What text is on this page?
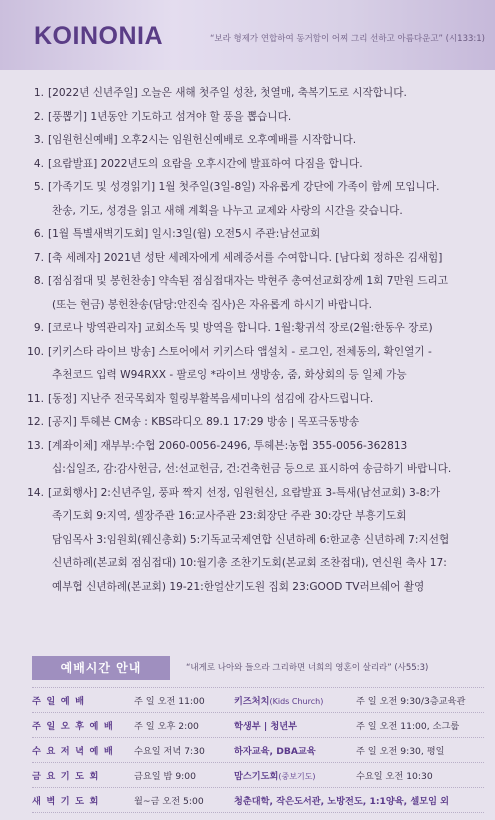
KOINONIA	“보라 형제가 연합하여 동거함이 어찌 그리 선하고 아름다운고” (시133:1)
1. [2022년 신년주일] 오늘은 새해 첫주일 성찬, 첫열매, 축복기도로 시작합니다.
2. [풍뽑기] 1년동안 기도하고 섬겨야 할 풍을 뽑습니다.
3. [임원헌신예배] 오후2시는 임원헌신예배로 오후예배를 시작합니다.
4. [요람발표] 2022년도의 요람을 오후시간에 발표하여 다짐을 합니다.
5. [가족기도 및 성경읽기] 1월 첫주일(3일-8일) 자유롭게 강단에 가족이 함께 모입니다.
찬송, 기도, 성경을 읽고 새해 계획을 나누고 교제와 사랑의 시간을 갖습니다.
6. [1월 특별새벽기도회] 일시:3일(월) 오전5시 주관:남선교회
7. [축 세례자] 2021년 성탄 세례자에게 세례증서를 수여합니다. [남다회 정하은 김새힘]
8. [점심접대 및 봉헌찬송] 약속된 점심접대자는 박현주 총여선교회장께 1회 7만원 드리고
(또는 현금) 봉헌찬송(담당:안진숙 집사)은 자유롭게 하시기 바랍니다.
9. [코로나 방역관리자] 교회소독 및 방역을 합니다. 1월:황귀석 장로(2월:한동우 장로)
10. [키키스타 라이브 방송] 스토어에서 키키스타 앱설치 - 로그인, 전체동의, 확인열기 -
추천코드 입력 W94RXX - 팔로잉 *라이브 생방송, 줌, 화상회의 등 일체 가능
11. [동정] 지난주 전국목회자 힐링부활복음세미나의 섬김에 감사드립니다.
12. [공지] 투헤븐 CM송 : KBS라디오 89.1 17:29 방송 | 목포극동방송
13. [계좌이체] 재부부:수협 2060-0056-2496, 투헤븐:농협 355-0056-362813
십:십일조, 감:감사헌금, 선:선교헌금, 건:건축헌금 등으로 표시하여 송금하기 바랍니다.
14. [교회행사] 2:신년주일, 풍파 짝지 선정, 임원헌신, 요람발표 3-특새(남선교회) 3-8:가
족기도회 9:지역, 셀장주관 16:교사주관 23:회장단 주관 30:강단 부흥기도회
담임목사 3:임원회(웨신총회) 5:기독교국제연합 신년하례 6:한교총 신년하례 7:지선협
신년하례(본교회 점심접대) 10:월기총 조찬기도회(본교회 조찬접대), 연신원 축사 17:
예부협 신년하례(본교회) 19-21:한얼산기도원 집회 23:GOOD TV러브쉐어 촬영
예배시간 안내	“내게로 나아와 들으라 그리하면 너희의 영혼이 살리라” (사55:3)
주일예배	주 일 오전 11:00	키즈처치(Kids Church)	주 일 오전 9:30/3층교육관
주일오후예배	주 일 오후 2:00	학생부 | 청년부	주 일 오전 11:00, 소그룹
수요저녁예배	수요일 저녁 7:30	하자교육, DBA교육	주 일 오전 9:30, 평일
금요기도회	금요일 밤 9:00	맘스기도회(중보기도)	수요일 오전 10:30
새벽기도회	월~금 오전 5:00	청춘대학, 작은도서관, 노방전도, 1:1양육, 셀모임 외
